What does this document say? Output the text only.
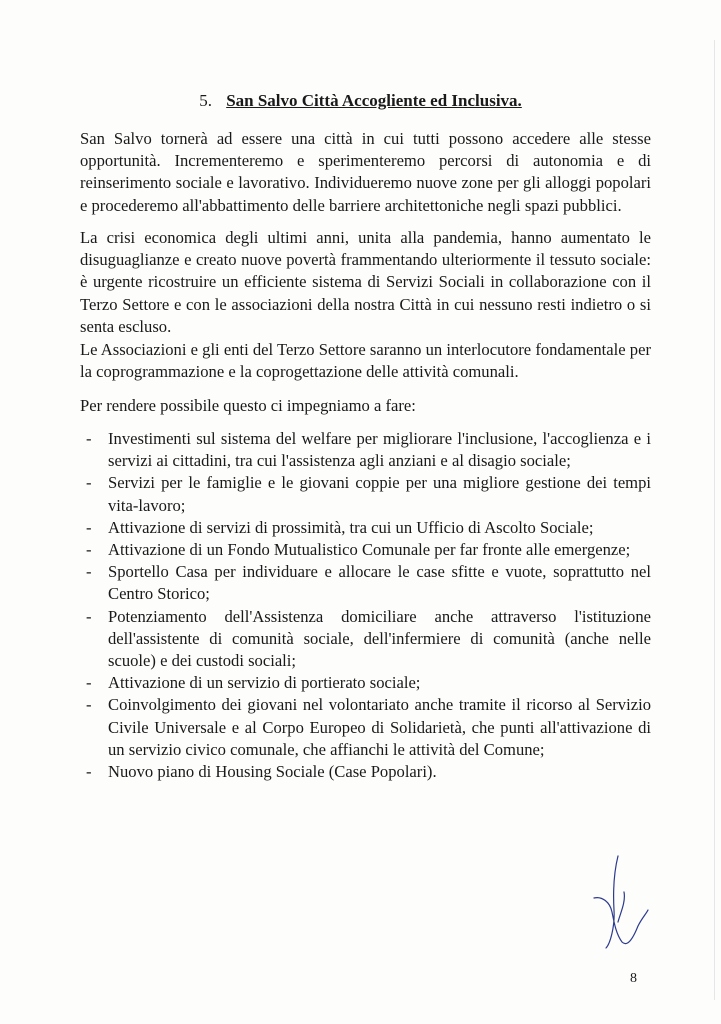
5. San Salvo Città Accogliente ed Inclusiva.

San Salvo tornerà ad essere una città in cui tutti possono accedere alle stesse opportunità. Incrementeremo e sperimenteremo percorsi di autonomia e di reinserimento sociale e lavorativo. Individueremo nuove zone per gli alloggi popolari e procederemo all'abbattimento delle barriere architettoniche negli spazi pubblici.

La crisi economica degli ultimi anni, unita alla pandemia, hanno aumentato le disuguaglianze e creato nuove povertà frammentando ulteriormente il tessuto sociale: è urgente ricostruire un efficiente sistema di Servizi Sociali in collaborazione con il Terzo Settore e con le associazioni della nostra Città in cui nessuno resti indietro o si senta escluso.

Le Associazioni e gli enti del Terzo Settore saranno un interlocutore fondamentale per la coprogrammazione e la coprogettazione delle attività comunali.

Per rendere possibile questo ci impegniamo a fare:

- Investimenti sul sistema del welfare per migliorare l'inclusione, l'accoglienza e i servizi ai cittadini, tra cui l'assistenza agli anziani e al disagio sociale;
- Servizi per le famiglie e le giovani coppie per una migliore gestione dei tempi vita-lavoro;
- Attivazione di servizi di prossimità, tra cui un Ufficio di Ascolto Sociale;
- Attivazione di un Fondo Mutualistico Comunale per far fronte alle emergenze;
- Sportello Casa per individuare e allocare le case sfitte e vuote, soprattutto nel Centro Storico;
- Potenziamento dell'Assistenza domiciliare anche attraverso l'istituzione dell'assistente di comunità sociale, dell'infermiere di comunità (anche nelle scuole) e dei custodi sociali;
- Attivazione di un servizio di portierato sociale;
- Coinvolgimento dei giovani nel volontariato anche tramite il ricorso al Servizio Civile Universale e al Corpo Europeo di Solidarietà, che punti all'attivazione di un servizio civico comunale, che affianchi le attività del Comune;
- Nuovo piano di Housing Sociale (Case Popolari).
8
